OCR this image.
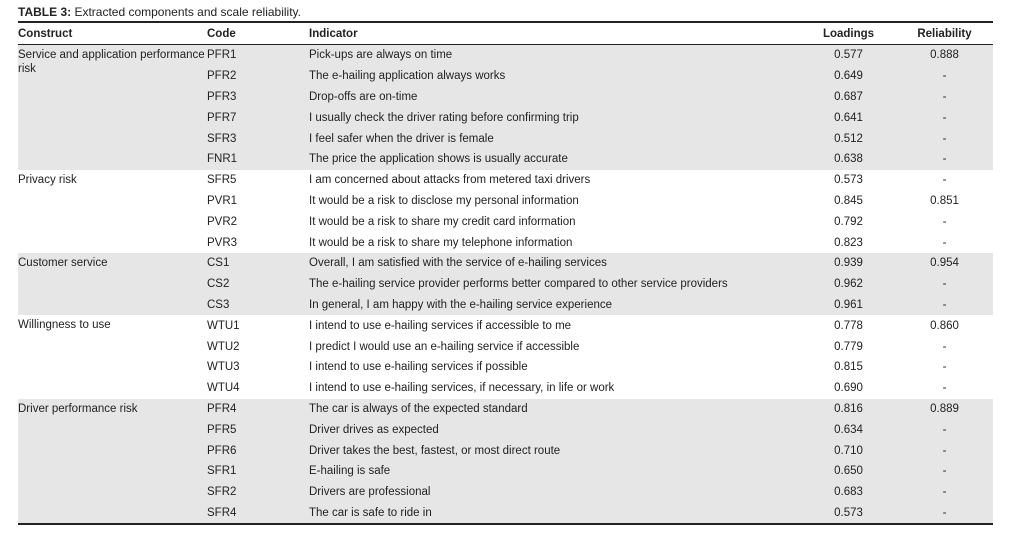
TABLE 3: Extracted components and scale reliability.
Construct	Code	Indicator	Loadings	Reliability
Service and application performance risk	PFR1	Pick-ups are always on time	0.577	0.888
	PFR2	The e-hailing application always works	0.649	-
	PFR3	Drop-offs are on-time	0.687	-
	PFR7	I usually check the driver rating before confirming trip	0.641	-
	SFR3	I feel safer when the driver is female	0.512	-
	FNR1	The price the application shows is usually accurate	0.638	-
Privacy risk	SFR5	I am concerned about attacks from metered taxi drivers	0.573	-
	PVR1	It would be a risk to disclose my personal information	0.845	0.851
	PVR2	It would be a risk to share my credit card information	0.792	-
	PVR3	It would be a risk to share my telephone information	0.823	-
Customer service	CS1	Overall, I am satisfied with the service of e-hailing services	0.939	0.954
	CS2	The e-hailing service provider performs better compared to other service providers	0.962	-
	CS3	In general, I am happy with the e-hailing service experience	0.961	-
Willingness to use	WTU1	I intend to use e-hailing services if accessible to me	0.778	0.860
	WTU2	I predict I would use an e-hailing service if accessible	0.779	-
	WTU3	I intend to use e-hailing services if possible	0.815	-
	WTU4	I intend to use e-hailing services, if necessary, in life or work	0.690	-
Driver performance risk	PFR4	The car is always of the expected standard	0.816	0.889
	PFR5	Driver drives as expected	0.634	-
	PFR6	Driver takes the best, fastest, or most direct route	0.710	-
	SFR1	E-hailing is safe	0.650	-
	SFR2	Drivers are professional	0.683	-
	SFR4	The car is safe to ride in	0.573	-
